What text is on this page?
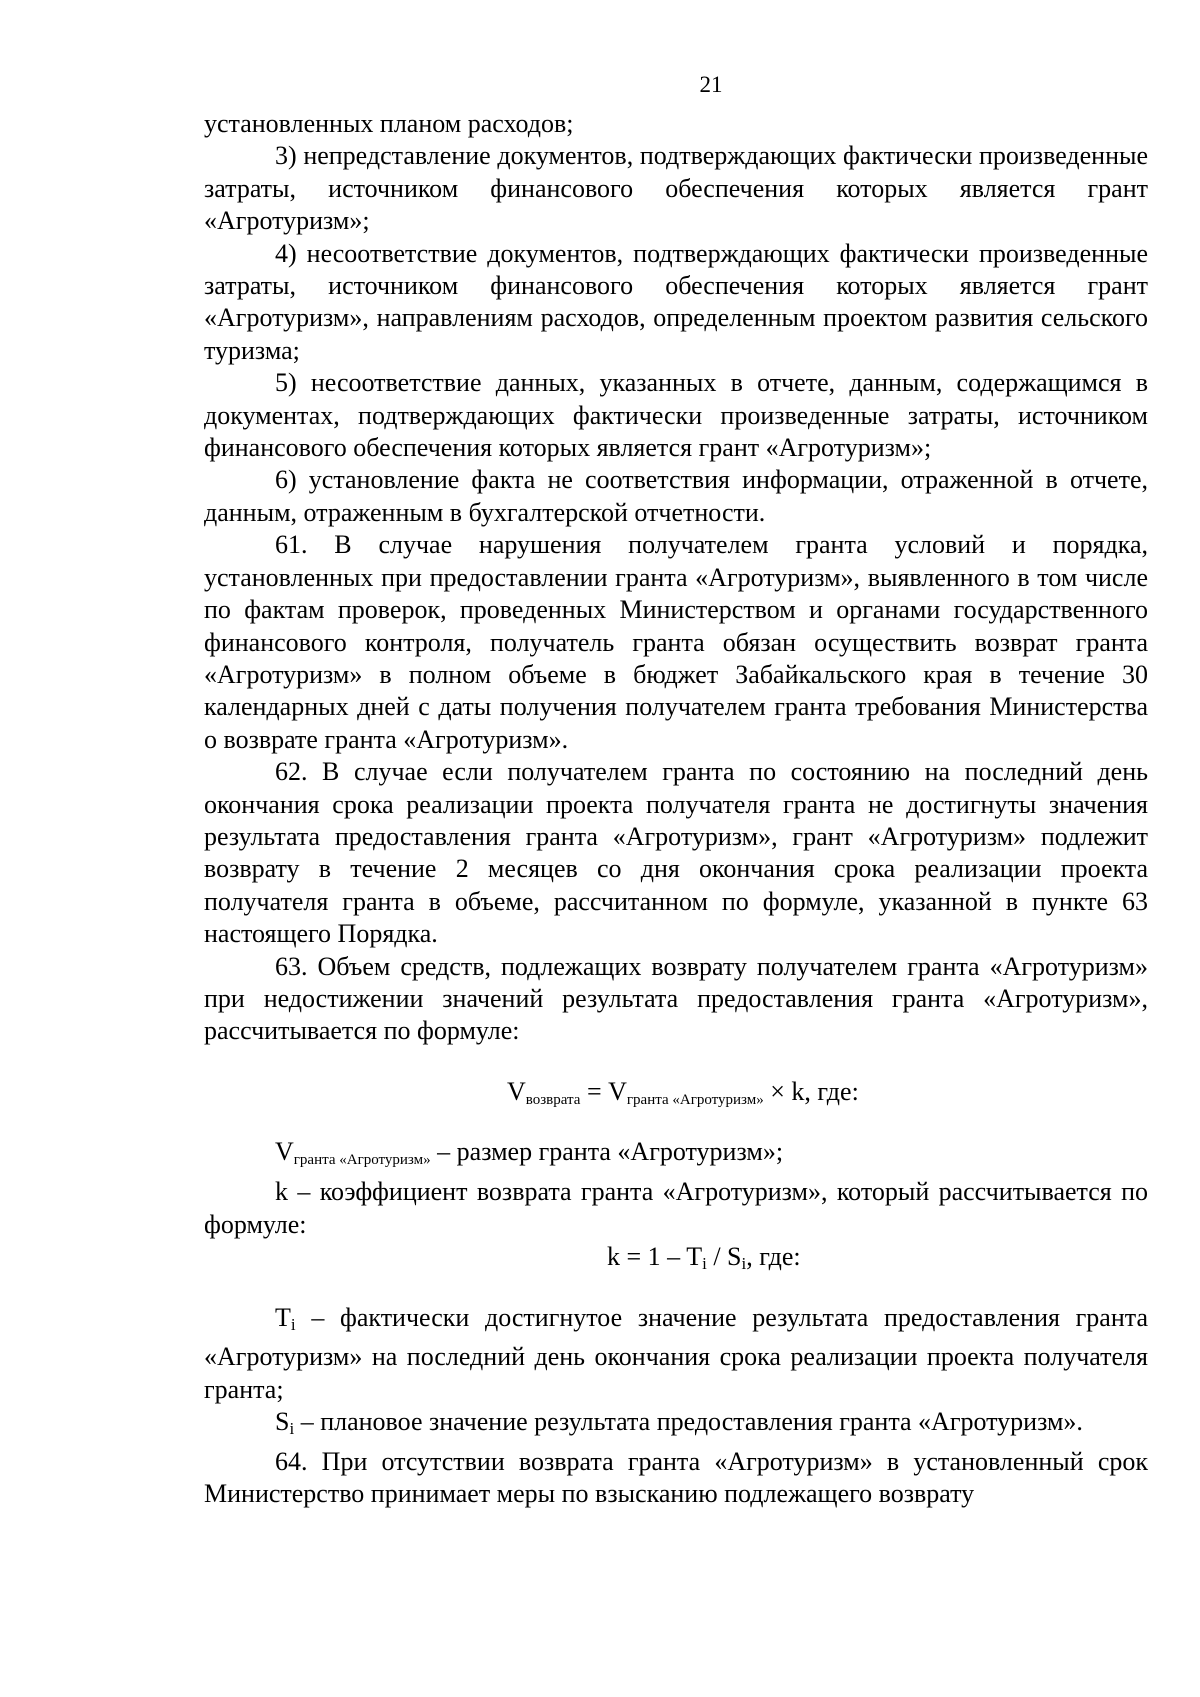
21

установленных планом расходов;

3) непредставление документов, подтверждающих фактически произведенные затраты, источником финансового обеспечения которых является грант «Агротуризм»;

4) несоответствие документов, подтверждающих фактически произведенные затраты, источником финансового обеспечения которых является грант «Агротуризм», направлениям расходов, определенным проектом развития сельского туризма;

5) несоответствие данных, указанных в отчете, данным, содержащимся в документах, подтверждающих фактически произведенные затраты, источником финансового обеспечения которых является грант «Агротуризм»;

6) установление факта не соответствия информации, отраженной в отчете, данным, отраженным в бухгалтерской отчетности.

61. В случае нарушения получателем гранта условий и порядка, установленных при предоставлении гранта «Агротуризм», выявленного в том числе по фактам проверок, проведенных Министерством и органами государственного финансового контроля, получатель гранта обязан осуществить возврат гранта «Агротуризм» в полном объеме в бюджет Забайкальского края в течение 30 календарных дней с даты получения получателем гранта требования Министерства о возврате гранта «Агротуризм».

62. В случае если получателем гранта по состоянию на последний день окончания срока реализации проекта получателя гранта не достигнуты значения результата предоставления гранта «Агротуризм», грант «Агротуризм» подлежит возврату в течение 2 месяцев со дня окончания срока реализации проекта получателя гранта в объеме, рассчитанном по формуле, указанной в пункте 63 настоящего Порядка.

63. Объем средств, подлежащих возврату получателем гранта «Агротуризм» при недостижении значений результата предоставления гранта «Агротуризм», рассчитывается по формуле:

$V_{возврата} = V_{гранта «Агротуризм»} \times k$, где:

$V_{гранта «Агротуризм»}$ – размер гранта «Агротуризм»;

k – коэффициент возврата гранта «Агротуризм», который рассчитывается по формуле:

k = 1 – Ti / Si, где:

Ti – фактически достигнутое значение результата предоставления гранта «Агротуризм» на последний день окончания срока реализации проекта получателя гранта;

Si – плановое значение результата предоставления гранта «Агротуризм».

64. При отсутствии возврата гранта «Агротуризм» в установленный срок Министерство принимает меры по взысканию подлежащего возврату
